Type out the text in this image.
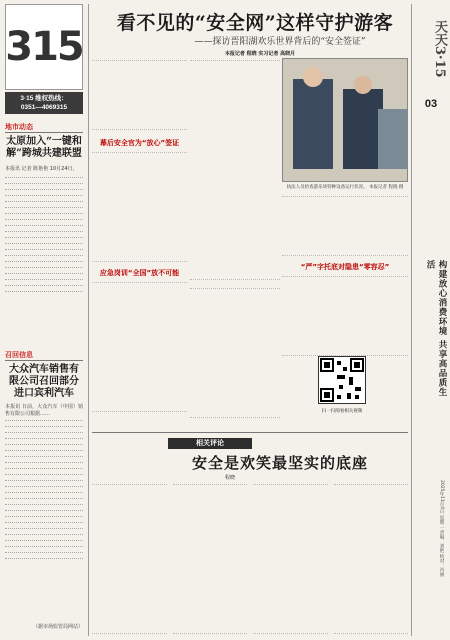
315
3·15 维权热线：
0351—4069315
地市动态
太原加入“一键和解”跨城共建联盟
本报讯 记者 陈艳艳 10月24日，
召回信息
大众汽车销售有限公司召回部分进口宾利汽车
本报讯 日前，大众汽车（中国）销售有限公司根据……
（据市场监管局网站）
看不见的“安全网”这样守护游客
——探访晋阳湖欢乐世界背后的“安全签证”
本报记者 程晓 实习记者 高晓月
幕后安全官为“放心”签证
应急岗训“全国”放不可能
执法人员检查游乐场特种设备运行状况。 本报记者 程晓 摄
“严”字托底对隐患“零容忍”
扫一扫阅看相关视频
相关评论
安全是欢笑最坚实的底座
程晓
天天3·15
03
构建放心消费环境 共享高品质生活
2025年11月4日 星期二 责编：刘艳 校对：肖丽
